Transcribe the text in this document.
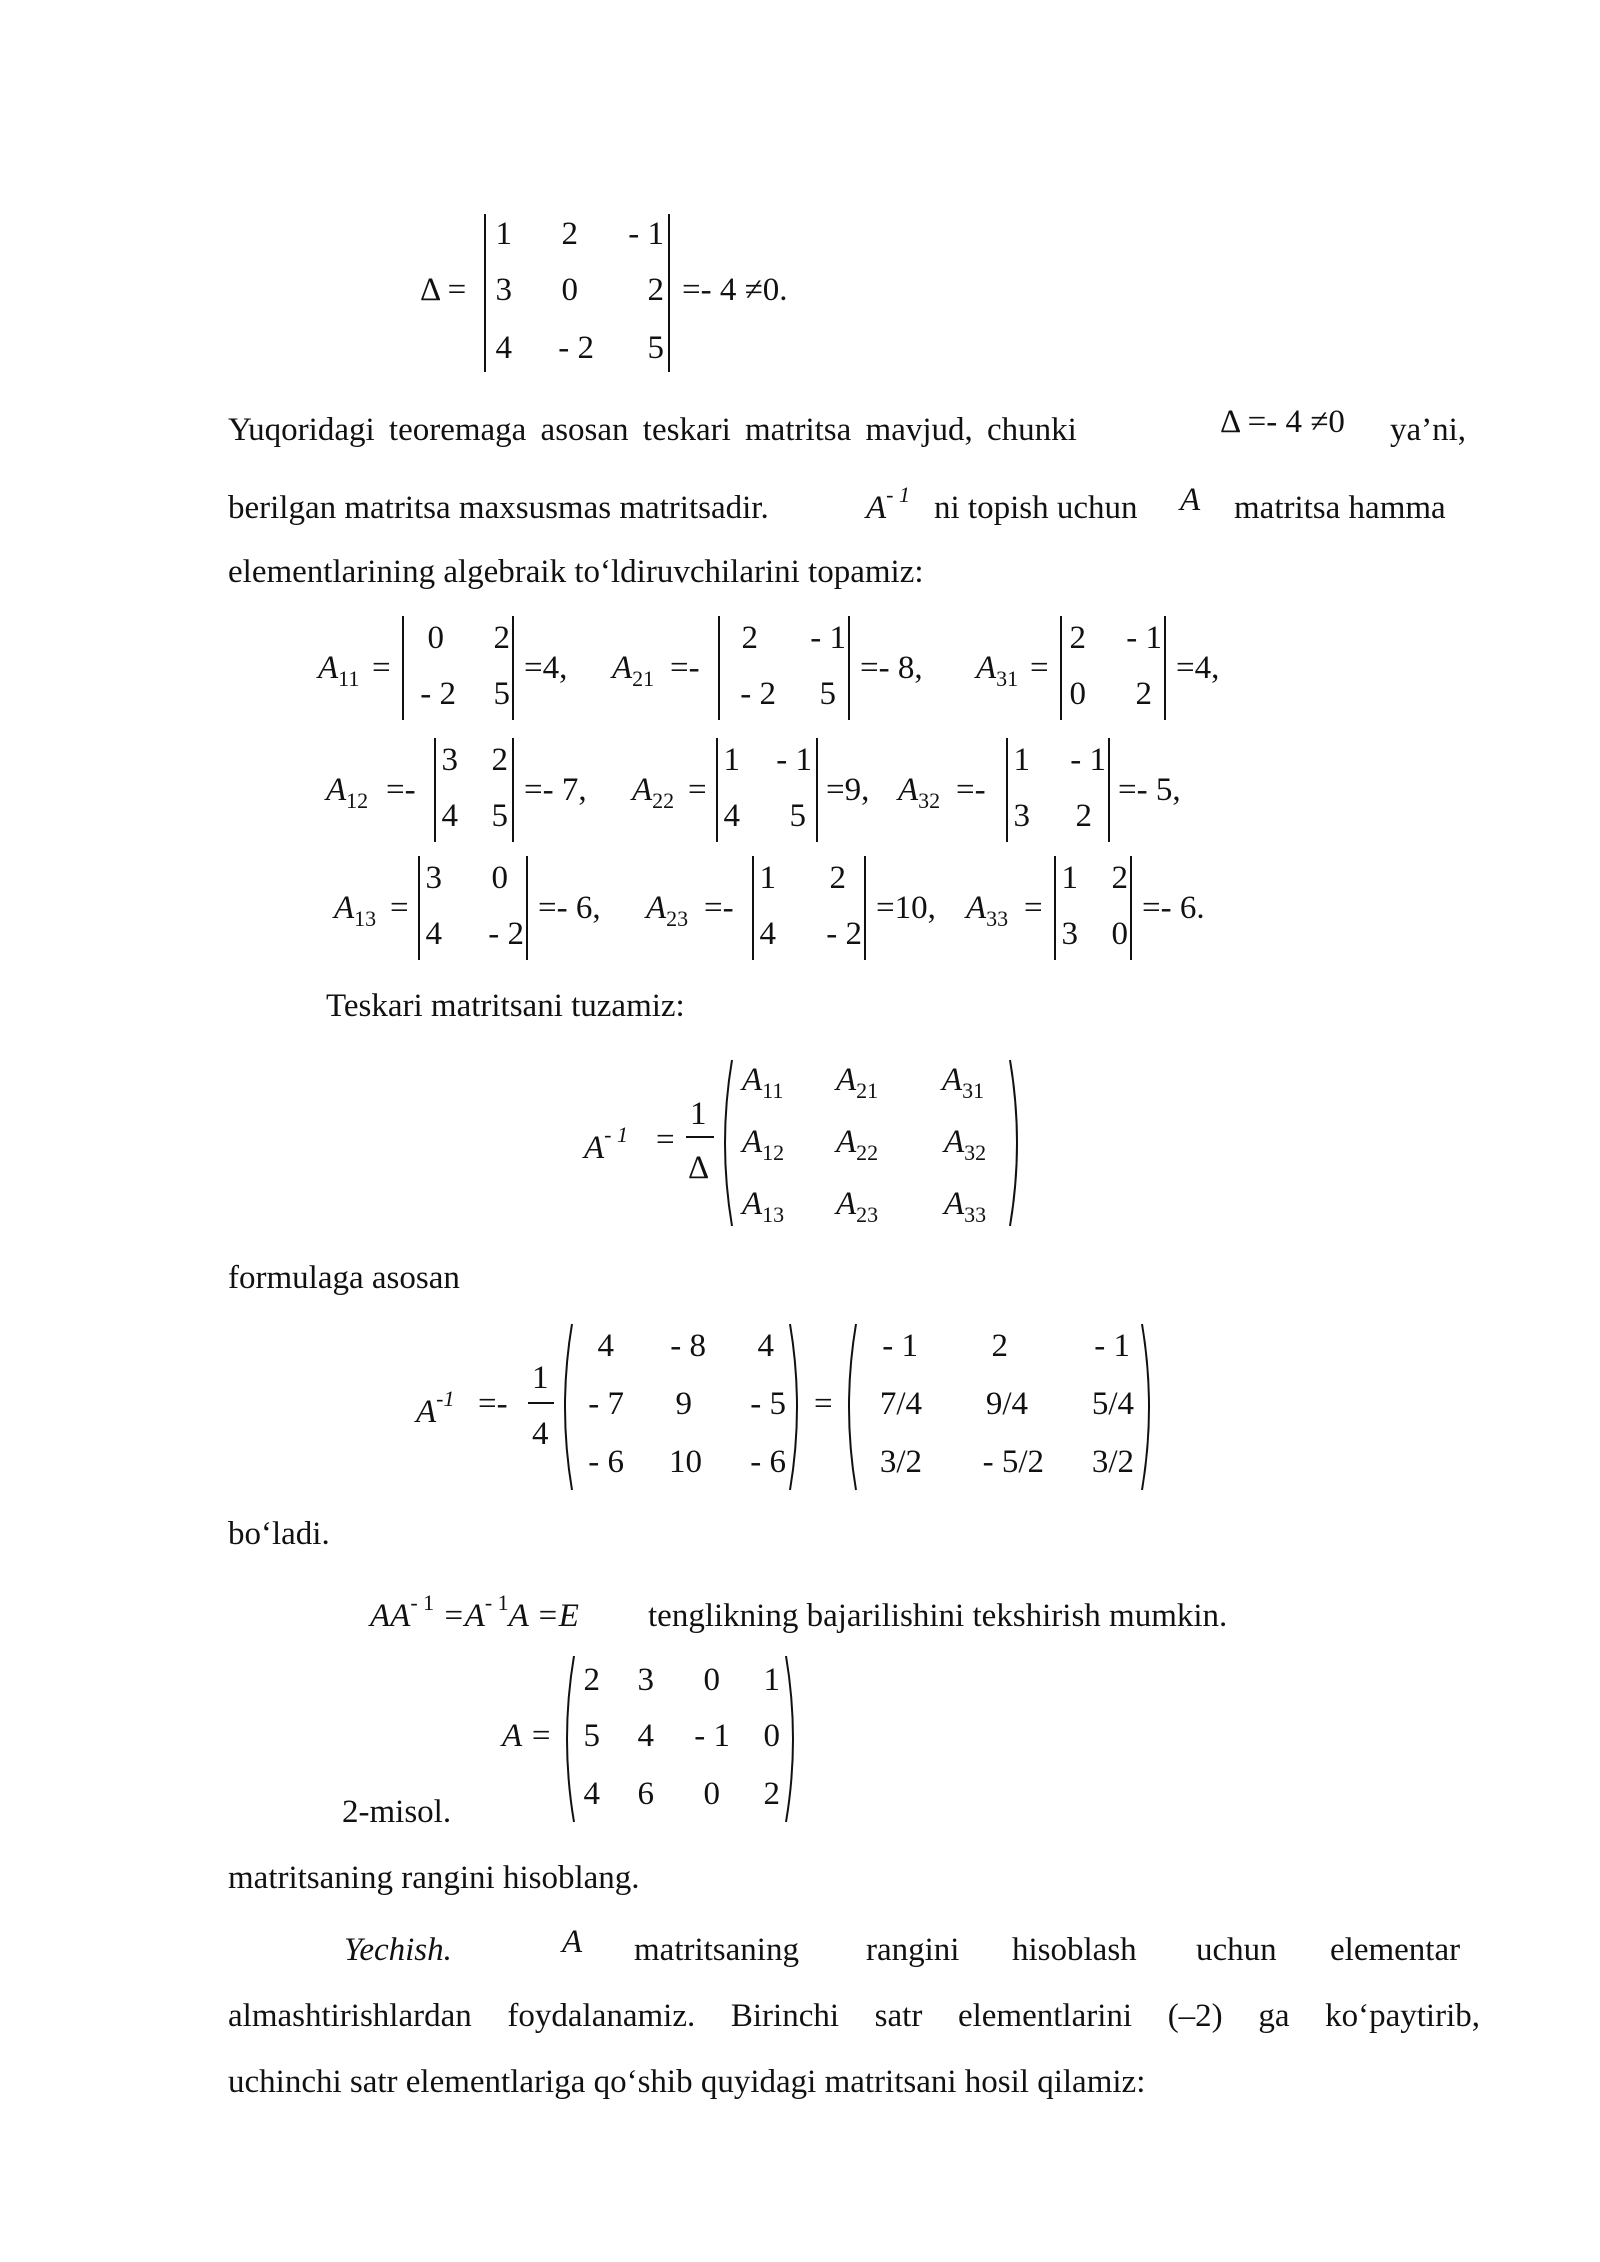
Δ =
1	2	- 1
3	0	2
4	- 2	5
=- 4 ≠0.
Yuqoridagi teoremaga asosan teskari matritsa mavjud, chunki	Δ =- 4 ≠0 ya’ni,
berilgan matritsa maxsusmas matritsadir.	$A^{- 1}$ ni topish uchun A matritsa hamma
elementlarining algebraik to‘ldiruvchilarini topamiz:
$A_{11}$ =
0	2
- 2	5
=4, $A_{21}$ =-
2	- 1
- 2	5
=- 8, $A_{31}$ =
2	- 1
0	2
=4,
$A_{12}$ =-
3 2
4 5
=- 7, $A_{22}$ =
1	- 1
4	5
=9, $A_{32}$ =-
1	- 1
3	2
=- 5,
$A_{13}$ =
3	0
4	- 2
=- 6, $A_{23}$ =-
1	2
4	- 2
=10, $A_{33}$ =
1	2
3	0
=- 6.
Teskari matritsani tuzamiz:
$A^{- 1}$ =
1
Δ
$A_{11}$ $A_{21}$ $A_{31}$
$A_{12}$ $A_{22}$ $A_{32}$
$A_{13}$ $A_{23}$ $A_{33}$
formulaga asosan
$A^{-1}$ =-
1
4
4	- 8	4
- 7	9	- 5
- 6	10	- 6
=
- 1	2	- 1
7/4	9/4	5/4
3/2	- 5/2	3/2
bo‘ladi.
$AA^{- 1} =A^{- 1}A =E$ tenglikning bajarilishini tekshirish mumkin.
A =
2 3	0 1
5 4	- 1 0
4 6	0 2
2-misol.
matritsaning rangini hisoblang.
Yechish.	A matritsaning rangini hisoblash uchun elementar
almashtirishlardan foydalanamiz. Birinchi satr elementlarini (–2) ga ko‘paytirib,
uchinchi satr elementlariga qo‘shib quyidagi matritsani hosil qilamiz:
